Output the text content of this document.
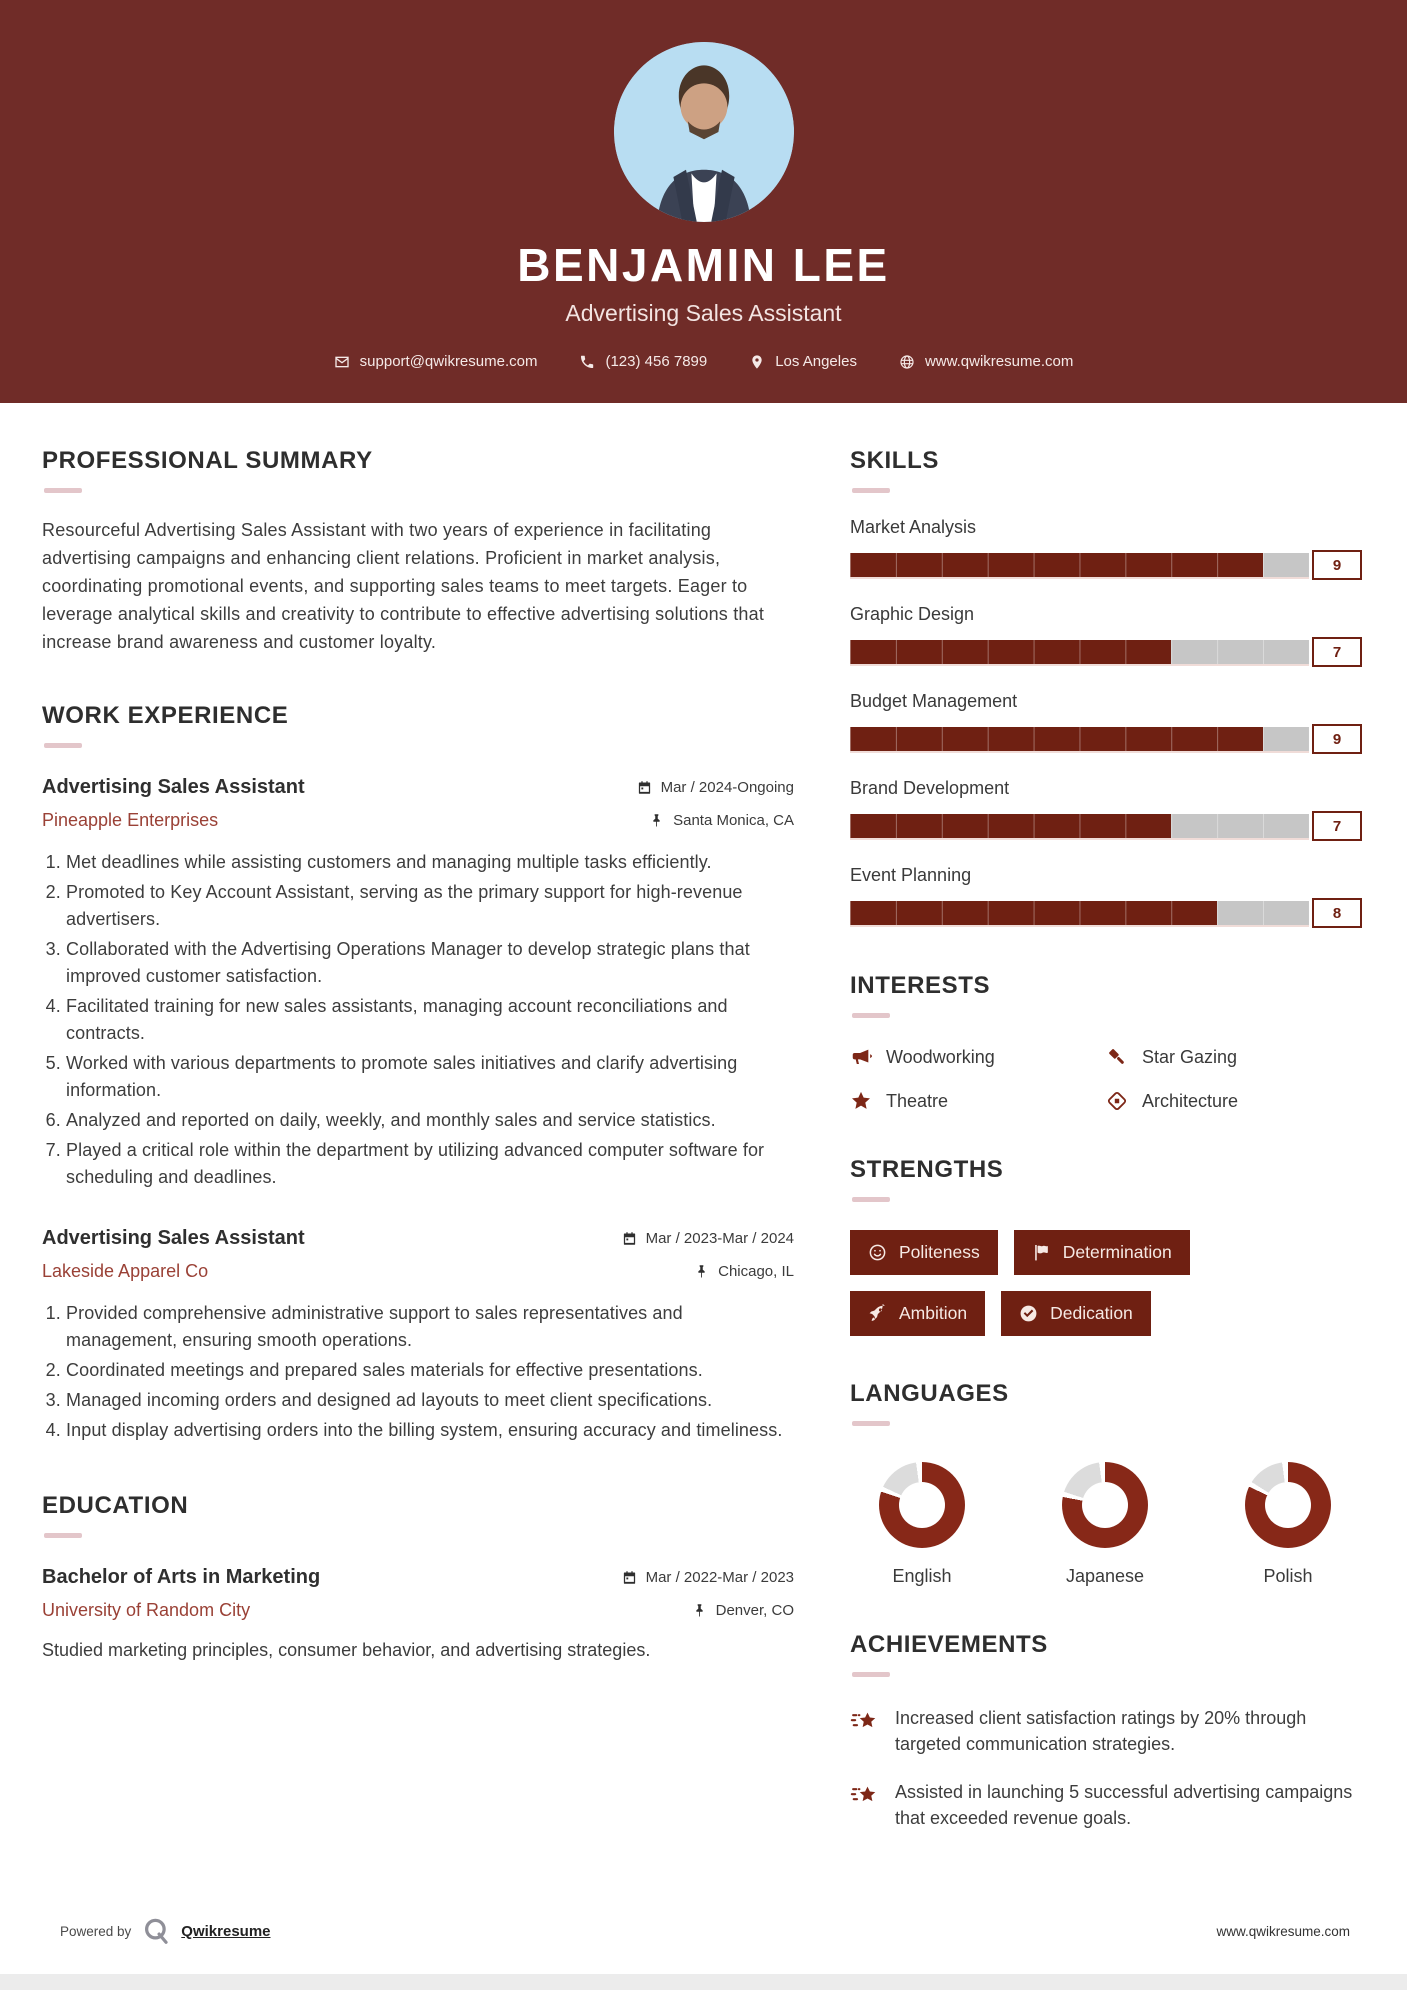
BENJAMIN LEE
Advertising Sales Assistant
support@qwikresume.com	(123) 456 7899	Los Angeles	www.qwikresume.com
PROFESSIONAL SUMMARY

Resourceful Advertising Sales Assistant with two years of experience in facilitating advertising campaigns and enhancing client relations. Proficient in market analysis, coordinating promotional events, and supporting sales teams to meet targets. Eager to leverage analytical skills and creativity to contribute to effective advertising solutions that increase brand awareness and customer loyalty.

WORK EXPERIENCE
Advertising Sales Assistant	Mar / 2024-Ongoing
Pineapple Enterprises	Santa Monica, CA
1. Met deadlines while assisting customers and managing multiple tasks efficiently.
2. Promoted to Key Account Assistant, serving as the primary support for high-revenue advertisers.
3. Collaborated with the Advertising Operations Manager to develop strategic plans that improved customer satisfaction.
4. Facilitated training for new sales assistants, managing account reconciliations and contracts.
5. Worked with various departments to promote sales initiatives and clarify advertising information.
6. Analyzed and reported on daily, weekly, and monthly sales and service statistics.
7. Played a critical role within the department by utilizing advanced computer software for scheduling and deadlines.
Advertising Sales Assistant	Mar / 2023-Mar / 2024
Lakeside Apparel Co	Chicago, IL
1. Provided comprehensive administrative support to sales representatives and management, ensuring smooth operations.
2. Coordinated meetings and prepared sales materials for effective presentations.
3. Managed incoming orders and designed ad layouts to meet client specifications.
4. Input display advertising orders into the billing system, ensuring accuracy and timeliness.
EDUCATION
Bachelor of Arts in Marketing	Mar / 2022-Mar / 2023
University of Random City	Denver, CO

Studied marketing principles, consumer behavior, and advertising strategies.

SKILLS
Market Analysis
9
Graphic Design
7
Budget Management
9
Brand Development
7
Event Planning
8
INTERESTS
Woodworking	Star Gazing
Theatre	Architecture
STRENGTHS
Politeness	Determination
Ambition	Dedication
LANGUAGES
English	Japanese	Polish
ACHIEVEMENTS
Increased client satisfaction ratings by 20% through targeted communication strategies.
Assisted in launching 5 successful advertising campaigns that exceeded revenue goals.
Powered by	Qwikresume	www.qwikresume.com
